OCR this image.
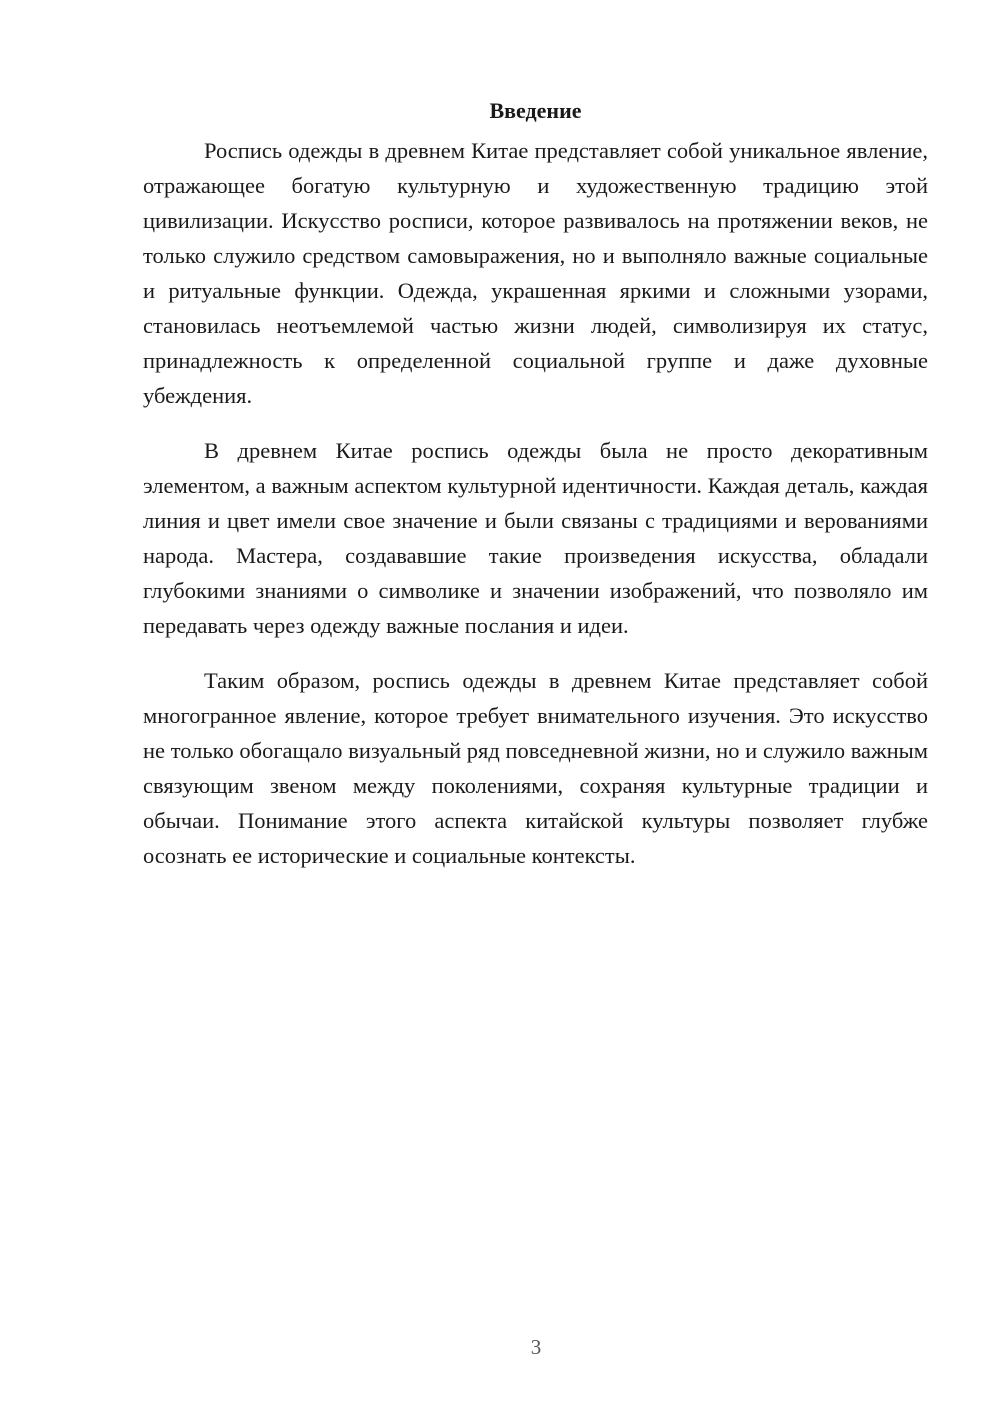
Введение

Роспись одежды в древнем Китае представляет собой уникальное явление, отражающее богатую культурную и художественную традицию этой цивилизации. Искусство росписи, которое развивалось на протяжении веков, не только служило средством самовыражения, но и выполняло важные социальные и ритуальные функции. Одежда, украшенная яркими и сложными узорами, становилась неотъемлемой частью жизни людей, символизируя их статус, принадлежность к определенной социальной группе и даже духовные убеждения.

В древнем Китае роспись одежды была не просто декоративным элементом, а важным аспектом культурной идентичности. Каждая деталь, каждая линия и цвет имели свое значение и были связаны с традициями и верованиями народа. Мастера, создававшие такие произведения искусства, обладали глубокими знаниями о символике и значении изображений, что позволяло им передавать через одежду важные послания и идеи.

Таким образом, роспись одежды в древнем Китае представляет собой многогранное явление, которое требует внимательного изучения. Это искусство не только обогащало визуальный ряд повседневной жизни, но и служило важным связующим звеном между поколениями, сохраняя культурные традиции и обычаи. Понимание этого аспекта китайской культуры позволяет глубже осознать ее исторические и социальные контексты.

3
